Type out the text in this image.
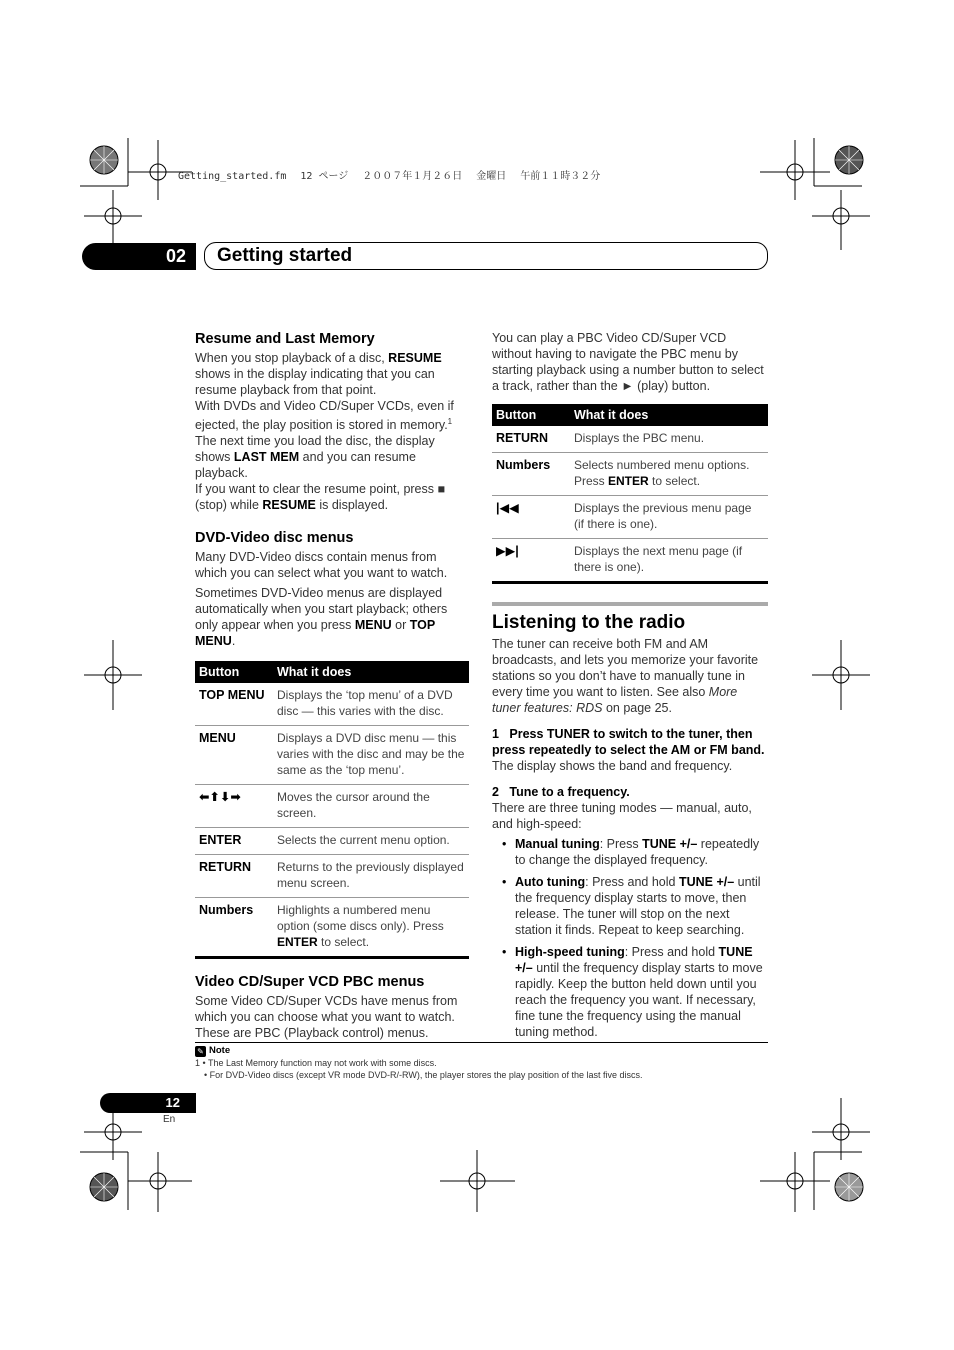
Getting_started.fm 12 ページ ２００７年１月２６日 金曜日 午前１１時３２分
02	Getting started
Resume and Last Memory

When you stop playback of a disc, RESUME shows in the display indicating that you can resume playback from that point.

With DVDs and Video CD/Super VCDs, even if ejected, the play position is stored in memory.$^1$ The next time you load the disc, the display shows LAST MEM and you can resume playback.

If you want to clear the resume point, press ■ (stop) while RESUME is displayed.

DVD-Video disc menus

Many DVD-Video discs contain menus from which you can select what you want to watch.

Sometimes DVD-Video menus are displayed automatically when you start playback; others only appear when you press MENU or TOP MENU.

Button	What it does
TOP MENU	Displays the ‘top menu’ of a DVD disc — this varies with the disc.
MENU	Displays a DVD disc menu — this varies with the disc and may be the same as the ‘top menu’.
⬅⬆⬇➡	Moves the cursor around the screen.
ENTER	Selects the current menu option.
RETURN	Returns to the previously displayed menu screen.
Numbers	Highlights a numbered menu option (some discs only). Press ENTER to select.
Video CD/Super VCD PBC menus

Some Video CD/Super VCDs have menus from which you can choose what you want to watch. These are PBC (Playback control) menus.

You can play a PBC Video CD/Super VCD without having to navigate the PBC menu by starting playback using a number button to select a track, rather than the ► (play) button.

Button	What it does
RETURN	Displays the PBC menu.
Numbers	Selects numbered menu options. Press ENTER to select.
|◀◀	Displays the previous menu page (if there is one).
▶▶|	Displays the next menu page (if there is one).
Listening to the radio

The tuner can receive both FM and AM broadcasts, and lets you memorize your favorite stations so you don’t have to manually tune in every time you want to listen. See also More tuner features: RDS on page 25.

1 Press TUNER to switch to the tuner, then press repeatedly to select the AM or FM band.

The display shows the band and frequency.

2 Tune to a frequency.

There are three tuning modes — manual, auto, and high-speed:

• Manual tuning: Press TUNE +/– repeatedly to change the displayed frequency.
• Auto tuning: Press and hold TUNE +/– until the frequency display starts to move, then release. The tuner will stop on the next station it finds. Repeat to keep searching.
• High-speed tuning: Press and hold TUNE +/– until the frequency display starts to move rapidly. Keep the button held down until you reach the frequency you want. If necessary, fine tune the frequency using the manual tuning method.
✎ Note
1 • The Last Memory function may not work with some discs.
• For DVD-Video discs (except VR mode DVD-R/-RW), the player stores the play position of the last five discs.
12
En
